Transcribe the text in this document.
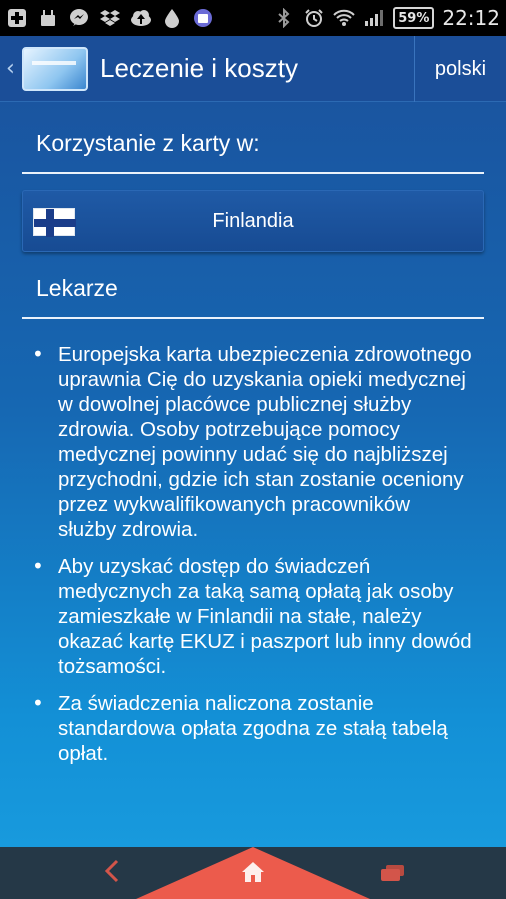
59% 22:12
‹	Leczenie i koszty	polski
Korzystanie z karty w:
Finlandia
Lekarze
• Europejska karta ubezpieczenia zdrowotnego uprawnia Cię do uzyskania opieki medycznej w dowolnej placówce publicznej służby zdrowia. Osoby potrzebujące pomocy medycznej powinny udać się do najbliższej przychodni, gdzie ich stan zostanie oceniony przez wykwalifikowanych pracowników służby zdrowia.
• Aby uzyskać dostęp do świadczeń medycznych za taką samą opłatą jak osoby zamieszkałe w Finlandii na stałe, należy okazać kartę EKUZ i paszport lub inny dowód tożsamości.
• Za świadczenia naliczona zostanie standardowa opłata zgodna ze stałą tabelą opłat.
